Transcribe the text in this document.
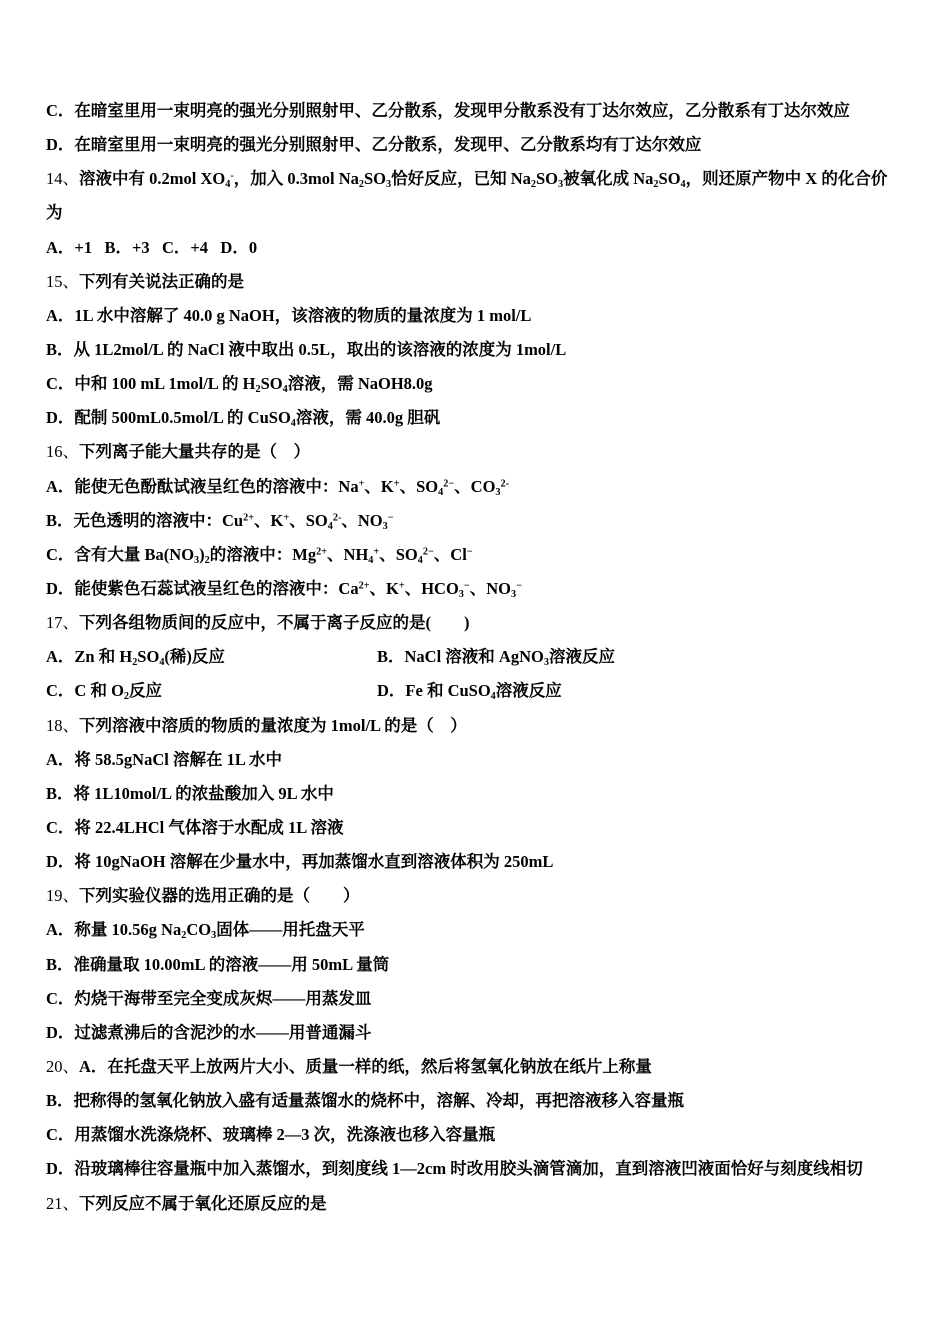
C．在暗室里用一束明亮的强光分别照射甲、乙分散系，发现甲分散系没有丁达尔效应，乙分散系有丁达尔效应
D．在暗室里用一束明亮的强光分别照射甲、乙分散系，发现甲、乙分散系均有丁达尔效应
14、溶液中有 0.2mol $XO_4^-$，加入 0.3mol $Na_2SO_3$恰好反应，已知 $Na_2SO_3$被氧化成 $Na_2SO_4$，则还原产物中 X 的化合价
为
A．+1   B．+3   C．+4   D．0
15、下列有关说法正确的是
A．1L 水中溶解了 40.0 g NaOH，该溶液的物质的量浓度为 1 mol/L
B．从 1L2mol/L 的 NaCl 液中取出 0.5L，取出的该溶液的浓度为 1mol/L
C．中和 100 mL 1mol/L 的 $H_2SO_4$溶液，需 NaOH8.0g
D．配制 500mL0.5mol/L 的 CuSO$_4$溶液，需 40.0g 胆矾
16、下列离子能大量共存的是（　）
A．能使无色酚酞试液呈红色的溶液中：Na+、K+、$SO_4^{2-}$、$CO_3^{2-}$
B．无色透明的溶液中：$Cu^{2+}$、K+、$SO_4^{2-}$、$NO_3^-$
C．含有大量 $Ba(NO_3)_2$的溶液中：$Mg^{2+}$、$NH_4^+$、$SO_4^{2-}$、Cl−
D．能使紫色石蕊试液呈红色的溶液中：$Ca^{2+}$、K+、$HCO_3^-$、$NO_3^-$
17、下列各组物质间的反应中，不属于离子反应的是(　　)
A．Zn 和 $H_2SO_4$(稀)反应	B．NaCl 溶液和 AgNO$_3$溶液反应
C．C 和 $O_2$反应	D．Fe 和 CuSO$_4$溶液反应
18、下列溶液中溶质的物质的量浓度为 1mol/L 的是（　）
A．将 58.5gNaCl 溶解在 1L 水中
B．将 1L10mol/L 的浓盐酸加入 9L 水中
C．将 22.4LHCl 气体溶于水配成 1L 溶液
D．将 10gNaOH 溶解在少量水中，再加蒸馏水直到溶液体积为 250mL
19、下列实验仪器的选用正确的是（　　）
A．称量 10.56g $Na_2CO_3$固体——用托盘天平
B．准确量取 10.00mL 的溶液——用 50mL 量筒
C．灼烧干海带至完全变成灰烬——用蒸发皿
D．过滤煮沸后的含泥沙的水——用普通漏斗
20、A．在托盘天平上放两片大小、质量一样的纸，然后将氢氧化钠放在纸片上称量
B．把称得的氢氧化钠放入盛有适量蒸馏水的烧杯中，溶解、冷却，再把溶液移入容量瓶
C．用蒸馏水洗涤烧杯、玻璃棒 2—3 次，洗涤液也移入容量瓶
D．沿玻璃棒往容量瓶中加入蒸馏水，到刻度线 1—2cm 时改用胶头滴管滴加，直到溶液凹液面恰好与刻度线相切
21、下列反应不属于氧化还原反应的是
